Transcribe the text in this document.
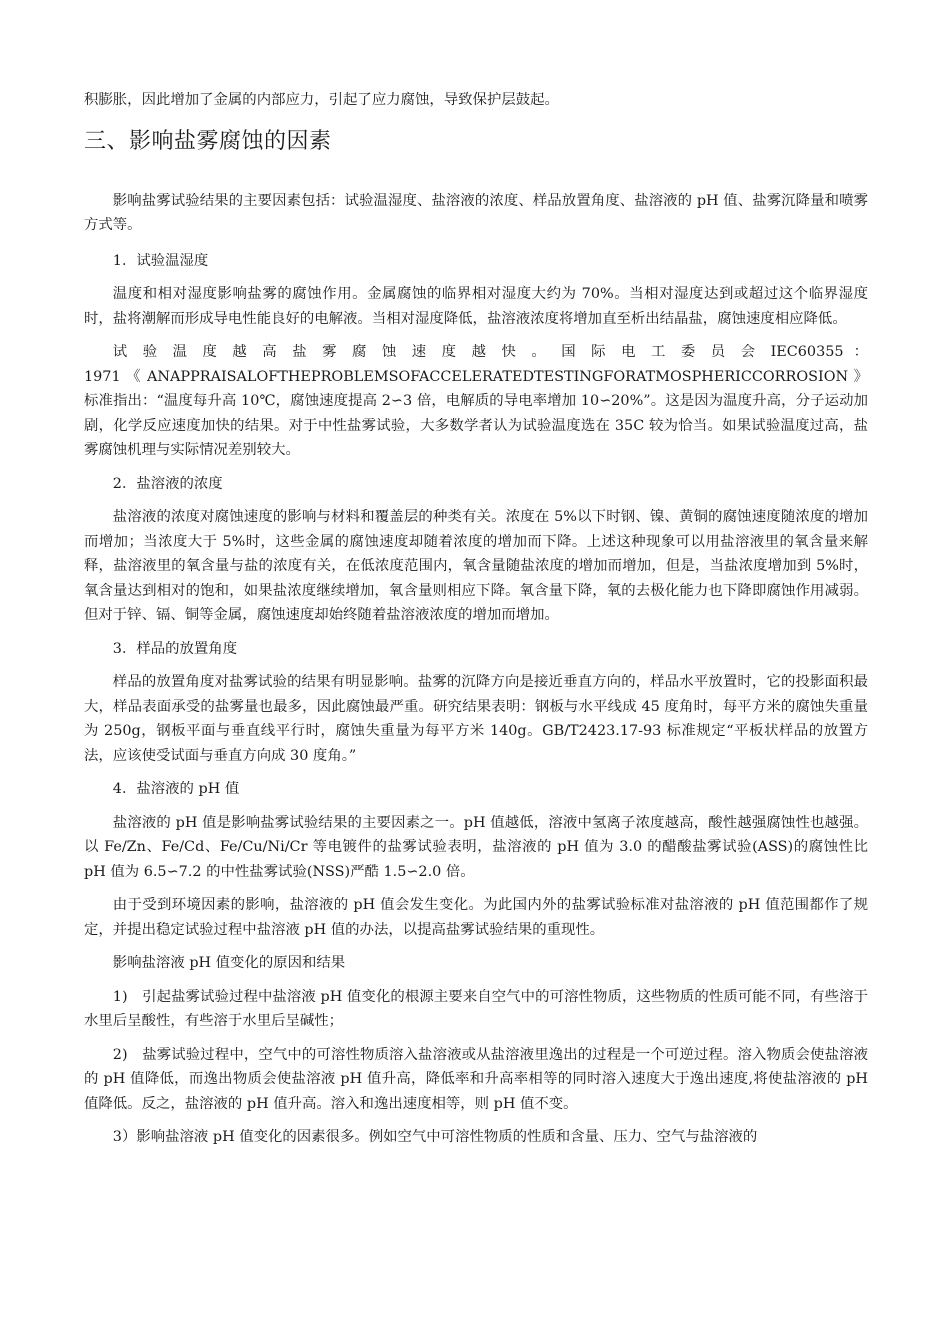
积膨胀，因此增加了金属的内部应力，引起了应力腐蚀，导致保护层鼓起。

三、影响盐雾腐蚀的因素

影响盐雾试验结果的主要因素包括：试验温湿度、盐溶液的浓度、样品放置角度、盐溶液的 pH 值、盐雾沉降量和喷雾方式等。

1．试验温湿度

温度和相对湿度影响盐雾的腐蚀作用。金属腐蚀的临界相对湿度大约为 70%。当相对湿度达到或超过这个临界湿度时，盐将潮解而形成导电性能良好的电解液。当相对湿度降低，盐溶液浓度将增加直至析出结晶盐，腐蚀速度相应降低。

试 验 温 度 越 高 盐 雾 腐 蚀 速 度 越 快 。 国 际 电 工 委 员 会 IEC60355 ：

1971 《 ANAPPRAISALOFTHEPROBLEMSOFACCELERATEDTESTINGFORATMOSPHERICCORROSION 》 标准指出：“温度每升高 10℃，腐蚀速度提高 2∽3 倍，电解质的导电率增加 10∽20%”。这是因为温度升高，分子运动加剧，化学反应速度加快的结果。对于中性盐雾试验，大多数学者认为试验温度选在 35C 较为恰当。如果试验温度过高，盐雾腐蚀机理与实际情况差别较大。

2．盐溶液的浓度

盐溶液的浓度对腐蚀速度的影响与材料和覆盖层的种类有关。浓度在 5%以下时钢、镍、黄铜的腐蚀速度随浓度的增加而增加；当浓度大于 5%时，这些金属的腐蚀速度却随着浓度的增加而下降。上述这种现象可以用盐溶液里的氧含量来解释，盐溶液里的氧含量与盐的浓度有关，在低浓度范围内，氧含量随盐浓度的增加而增加，但是，当盐浓度增加到 5%时，氧含量达到相对的饱和，如果盐浓度继续增加，氧含量则相应下降。氧含量下降，氧的去极化能力也下降即腐蚀作用减弱。但对于锌、镉、铜等金属，腐蚀速度却始终随着盐溶液浓度的增加而增加。

3．样品的放置角度

样品的放置角度对盐雾试验的结果有明显影响。盐雾的沉降方向是接近垂直方向的，样品水平放置时，它的投影面积最大，样品表面承受的盐雾量也最多，因此腐蚀最严重。研究结果表明：钢板与水平线成 45 度角时，每平方米的腐蚀失重量为 250g，钢板平面与垂直线平行时，腐蚀失重量为每平方米 140g。GB/T2423.17-93 标准规定“平板状样品的放置方法，应该使受试面与垂直方向成 30 度角。”

4．盐溶液的 pH 值

盐溶液的 pH 值是影响盐雾试验结果的主要因素之一。pH 值越低，溶液中氢离子浓度越高，酸性越强腐蚀性也越强。以 Fe/Zn、Fe/Cd、Fe/Cu/Ni/Cr 等电镀件的盐雾试验表明，盐溶液的 pH 值为 3.0 的醋酸盐雾试验(ASS)的腐蚀性比 pH 值为 6.5∽7.2 的中性盐雾试验(NSS)严酷 1.5∽2.0 倍。

由于受到环境因素的影响，盐溶液的 pH 值会发生变化。为此国内外的盐雾试验标准对盐溶液的 pH 值范围都作了规定，并提出稳定试验过程中盐溶液 pH 值的办法，以提高盐雾试验结果的重现性。

影响盐溶液 pH 值变化的原因和结果

1)　引起盐雾试验过程中盐溶液 pH 值变化的根源主要来自空气中的可溶性物质，这些物质的性质可能不同，有些溶于水里后呈酸性，有些溶于水里后呈碱性；

2)　盐雾试验过程中，空气中的可溶性物质溶入盐溶液或从盐溶液里逸出的过程是一个可逆过程。溶入物质会使盐溶液的 pH 值降低，而逸出物质会使盐溶液 pH 值升高，降低率和升高率相等的同时溶入速度大于逸出速度,将使盐溶液的 pH 值降低。反之，盐溶液的 pH 值升高。溶入和逸出速度相等，则 pH 值不变。

3）影响盐溶液 pH 值变化的因素很多。例如空气中可溶性物质的性质和含量、压力、空气与盐溶液的
